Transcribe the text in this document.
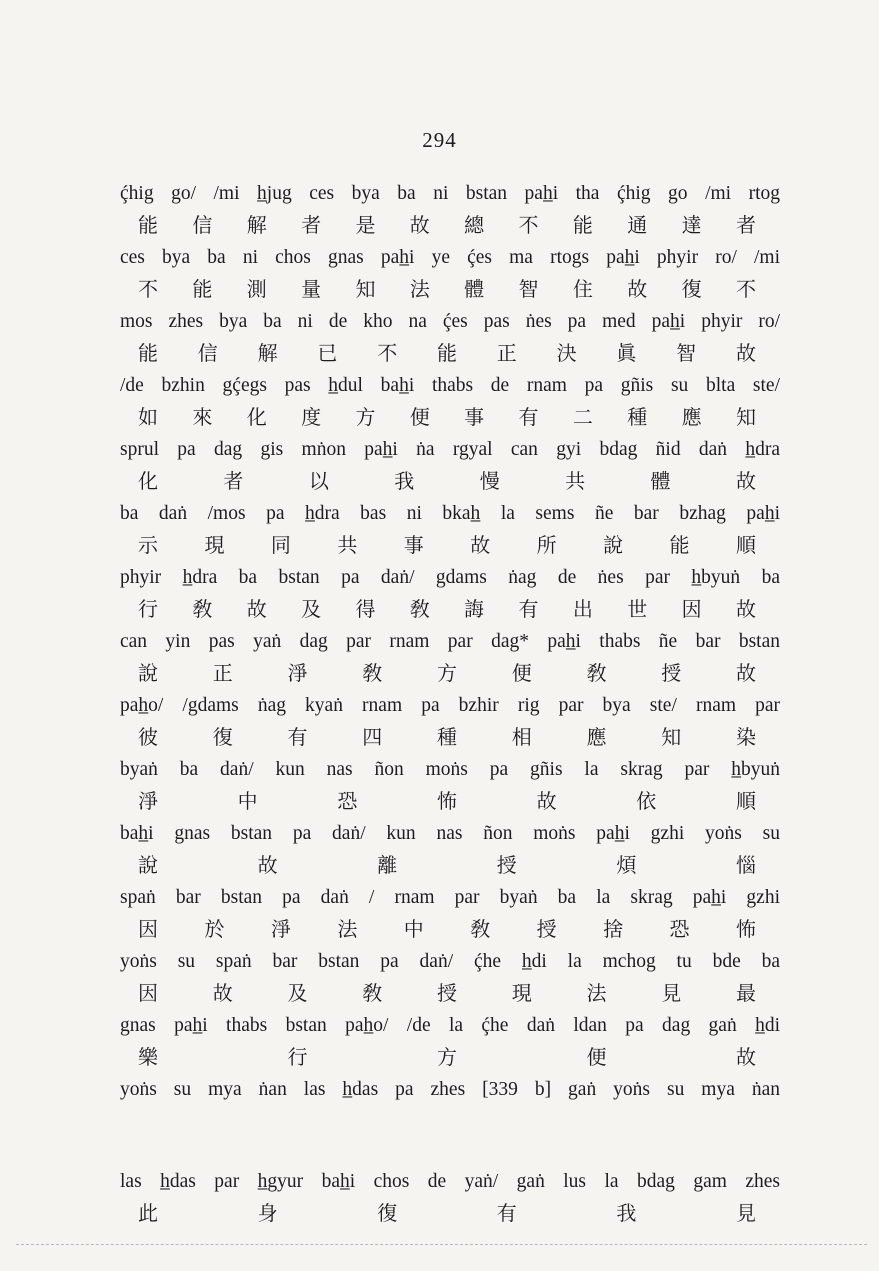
294
ḉhig go/ /mi h̲jug ces bya ba ni bstan pah̲i tha ḉhig go /mi rtog
能 信 解 者 是 故 總 不 能 通 達 者
ces bya ba ni chos gnas pah̲i ye ḉes ma rtogs pah̲i phyir ro/ /mi
不 能 測 量 知 法 體 智 住 故 復 不
mos zhes bya ba ni de kho na ḉes pas ṅes pa med pah̲i phyir ro/
能 信 解 已 不 能 正 決 眞 智 故
/de bzhin gḉegs pas h̲dul bah̲i thabs de rnam pa gñis su blta ste/
如 來 化 度 方 便 事 有 二 種 應 知
sprul pa dag gis mṅon pah̲i ṅa rgyal can gyi bdag ñid daṅ h̲dra
化	者	以	我	慢	共	體	故
ba daṅ /mos pa h̲dra bas ni bkah̲ la sems ñe bar bzhag pah̲i
示 現 同 共 事 故 所 說 能 順
phyir h̲dra ba bstan pa daṅ/ gdams ṅag de ṅes par h̲byuṅ ba
行 敎 故 及 得 敎 誨 有 出 世 因 故
can yin pas yaṅ dag par rnam par dag* pah̲i thabs ñe bar bstan
說	正	淨	敎	方	便	敎	授	故
pah̲o/ /gdams ṅag kyaṅ rnam pa bzhir rig par bya ste/ rnam par
彼	復	有	四	種	相	應	知	染
byaṅ ba daṅ/ kun nas ñon moṅs pa gñis la skrag par h̲byuṅ
淨	中	恐	怖	故	依	順
bah̲i gnas bstan pa daṅ/ kun nas ñon moṅs pah̲i gzhi yoṅs su
說	故	離	授	煩	惱
spaṅ bar bstan pa daṅ / rnam par byaṅ ba la skrag pah̲i gzhi
因 於 淨 法 中 敎 授 捨 恐 怖
yoṅs su spaṅ bar bstan pa daṅ/ ḉhe h̲di la mchog tu bde ba
因	故	及	敎	授	現	法	見	最
gnas pah̲i thabs bstan pah̲o/ /de la ḉhe daṅ ldan pa dag gaṅ h̲di
樂	行	方	便	故
yoṅs su mya ṅan las h̲das pa zhes [339 b] gaṅ yoṅs su mya ṅan
las h̲das par h̲gyur bah̲i chos de yaṅ/ gaṅ lus la bdag gam zhes
此	身	復	有	我	見
